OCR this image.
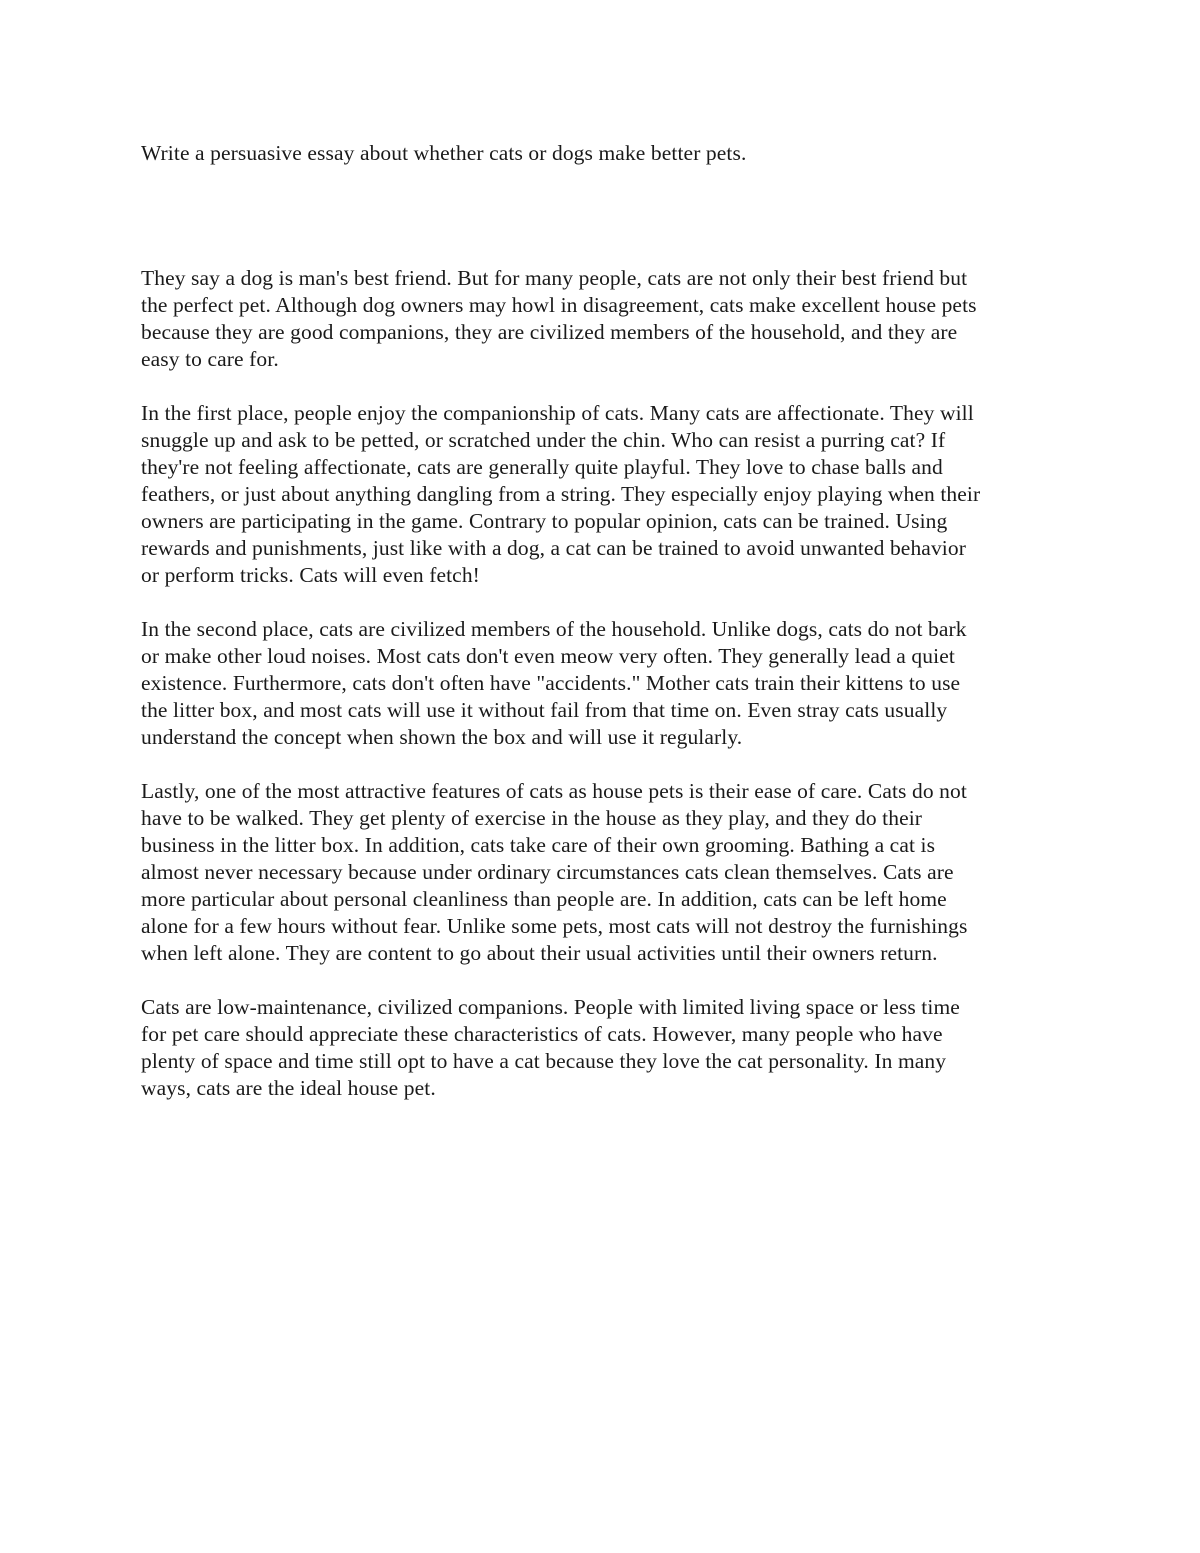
Write a persuasive essay about whether cats or dogs make better pets.

They say a dog is man's best friend. But for many people, cats are not only their best friend but
the perfect pet. Although dog owners may howl in disagreement, cats make excellent house pets
because they are good companions, they are civilized members of the household, and they are
easy to care for.

In the first place, people enjoy the companionship of cats. Many cats are affectionate. They will
snuggle up and ask to be petted, or scratched under the chin. Who can resist a purring cat? If
they're not feeling affectionate, cats are generally quite playful. They love to chase balls and
feathers, or just about anything dangling from a string. They especially enjoy playing when their
owners are participating in the game. Contrary to popular opinion, cats can be trained. Using
rewards and punishments, just like with a dog, a cat can be trained to avoid unwanted behavior
or perform tricks. Cats will even fetch!

In the second place, cats are civilized members of the household. Unlike dogs, cats do not bark
or make other loud noises. Most cats don't even meow very often. They generally lead a quiet
existence. Furthermore, cats don't often have "accidents." Mother cats train their kittens to use
the litter box, and most cats will use it without fail from that time on. Even stray cats usually
understand the concept when shown the box and will use it regularly.

Lastly, one of the most attractive features of cats as house pets is their ease of care. Cats do not
have to be walked. They get plenty of exercise in the house as they play, and they do their
business in the litter box. In addition, cats take care of their own grooming. Bathing a cat is
almost never necessary because under ordinary circumstances cats clean themselves. Cats are
more particular about personal cleanliness than people are. In addition, cats can be left home
alone for a few hours without fear. Unlike some pets, most cats will not destroy the furnishings
when left alone. They are content to go about their usual activities until their owners return.

Cats are low-maintenance, civilized companions. People with limited living space or less time
for pet care should appreciate these characteristics of cats. However, many people who have
plenty of space and time still opt to have a cat because they love the cat personality. In many
ways, cats are the ideal house pet.
